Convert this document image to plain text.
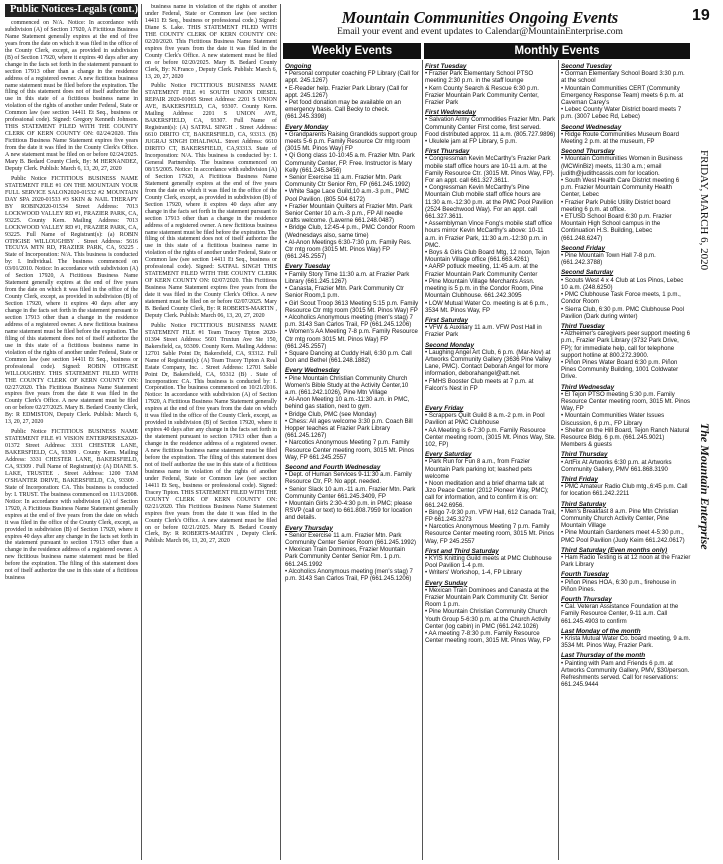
Mountain Communities Ongoing Events
Email your event and event updates to Calendar@MountainEnterprise.com
19
FRIDAY, MARCH 6, 2020 The Mountain Enterprise
Public Notices-Legals (cont.)

commenced on N/A. Notice: In accordance with subdivision (A) of Section 17920, A Fictitious Business Name Statement generally expires at the end of five years from the date on which it was filed in the office of the County Clerk, except, as provided in subdivision (B) of Section 17920, where it expires 40 days after any change in the facts set forth in the statement pursuant to section 17913 other than a change in the residence address of a registered owner. A new fictitious business name statement must be filed before the expiration. The filing of this statement does not of itself authorize the use in this state of a fictitious business name in violation of the rights of another under Federal, State or Common law (see section 14411 Et Seq., business or professional code). Signed: Gregory Kenneth Johnson. THIS STATEMENT FILED WITH THE COUNTY CLERK OF KERN COUNTY ON: 02/24/2020. This Fictitious Business Name Statement expires five years from the date it was filed in the County Clerk's Office. A new statement must be filed on or before 02/24/2025. Mary B. Bedard County Clerk, By: M HERNANDEZ, Deputy Clerk. Publish: March 6, 13, 20, 27, 2020

Public Notice FICTITIOUS BUSINESS NAME STATEMENT FILE #1 ON THE MOUNTAIN YOUR FULL SERVICE SALON2020-01532 #2 MOUNTAIN DAY SPA 2020-01533 #3 SKIN & NAIL THERAPY BY ROBIN2020-01534 Street Address: 7013 LOCKWOOD VALLEY RD #1, FRAZIER PARK, CA, 93225. County Kern. Mailing Address: 7013 LOCKWOOD VALLEY RD #1, FRAZIER PARK, CA, 93225. Full Name of Registrant(s): (a) ROBIN OTHGISE WILLOUGHBY . Street Address: 5616 TECUYA MTN RD, FRAZIER PARK, CA, 93225 . State of Incorporation: N/A. This business is conducted by: I. Individual. The business commenced on 03/01/2010. Notice: In accordance with subdivision (A) of Section 17920, A Fictitious Business Name Statement generally expires at the end of five years from the date on which it was filed in the office of the County Clerk, except, as provided in subdivision (B) of Section 17920, where it expires 40 days after any change in the facts set forth in the statement pursuant to section 17913 other than a change in the residence address of a registered owner. A new fictitious business name statement must be filed before the expiration. The filing of this statement does not of itself authorize the use in this state of a fictitious business name in violation of the rights of another under Federal, State or Common law (see section 14411 Et Seq., business or professional code). Signed: ROBIN OTHGISE WILLOUGHBY. THIS STATEMENT FILED WITH THE COUNTY CLERK OF KERN COUNTY ON: 02/27/2020. This Fictitious Business Name Statement expires five years from the date it was filed in the County Clerk's Office. A new statement must be filed on or before 02/27/2025. Mary B. Bedard County Clerk, By: R EDMISTON, Deputy Clerk. Publish: March 6, 13, 20, 27, 2020

Public Notice FICTITIOUS BUSINESS NAME STATEMENT FILE #1 VISION ENTERPRISES2020-01372 Street Address: 3331 CHESTER LANE, BAKERSFIELD, CA, 93309 . County Kern. Mailing Address: 3331 CHESTER LANE, BAKERSFIELD, CA, 93309 . Full Name of Registrant(s): (A) DIANE S. LAKE, TRUSTEE . Street Address: 1200 TAM O'SHANTER DRIVE, BAKERSFIELD, CA, 93309 . State of Incorporation: CA. This business is conducted by: I. TRUST. The business commenced on 11/13/2008. Notice: In accordance with subdivision (A) of Section 17920, A Fictitious Business Name Statement generally expires at the end of five years from the date on which it was filed in the office of the County Clerk, except, as provided in subdivision (B) of Section 17920, where it expires 40 days after any change in the facts set forth in the statement pursuant to section 17913 other than a change in the residence address of a registered owner. A new fictitious business name statement must be filed before the expiration. The filing of this statement does not of itself authorize the use in this state of a fictitious business

business name in violation of the rights of another under Federal, State or Common law (see section 14411 Et Seq., business or professional code.) Signed: Diane S. Lake. THIS STATEMENT FILED WITH THE COUNTY CLERK OF KERN COUNTY ON: 02/20/2020. This Fictitious Business Name Statement expires five years from the date it was filed in the County Clerk's Office. A new statement must be filed on or before 02/20/2025. Mary B. Bedard County Clerk, By: N.Franco , Deputy Clerk. Publish: March 6, 13, 20, 27, 2020

Public Notice FICTITIOUS BUSINESS NAME STATEMENT FILE #1 SOUTH UNION DIESEL REPAIR 2020-01065 Street Address: 2201 S UNION AVE, BAKERSFIELD, CA, 93307. County Kern. Mailing Address: 2201 S UNION AVE, BAKERSFIELD, CA, 93307. Full Name of Registrant(s): (A) SATPAL SINGH . Street Address: 6610 DIRITO CT, BAKERSFIELD, CA, 93313. (B) JUGRAJ SINGH DHALIWAL. Street Address: 6610 DIRITO CT, BAKERSFIELD, CA,93313. State of Incorporation: N/A. This business is conducted by: I. General Partnership. The business commenced on 08/15/2005. Notice: In accordance with subdivision (A) of Section 17920, A Fictitious Business Name Statement generally expires at the end of five years from the date on which it was filed in the office of the County Clerk, except, as provided in subdivision (B) of Section 17920, where it expires 40 days after any change in the facts set forth in the statement pursuant to section 17913 other than a change in the residence address of a registered owner. A new fictitious business name statement must be filed before the expiration. The filing of this statement does not of itself authorize the use in this state of a fictitious business name in violation of the rights of another under Federal, State or Common law (see section 14411 Et Seq., business or professional code). Signed: SATPAL SINGH THIS STATEMENT FILED WITH THE COUNTY CLERK OF KERN COUNTY ON: 02/07/2020. This Fictitious Business Name Statement expires five years from the date it was filed in the County Clerk's Office. A new statement must be filed on or before 02/07/2025. Mary B. Bedard County Clerk, By: R ROBERTS-MARTIN , Deputy Clerk. Publish: March 06, 13, 20, 27, 2020

Public Notice FICTITIOUS BUSINESS NAME STATEMENT FILE #1 Team Tracey Tipton 2020-01394 Street Address: 5601 Truxtun Ave Ste 150, Bakersfield, ca, 93309. County Kern. Mailing Address: 12701 Sable Point Dr, Bakersfield, CA, 93312. Full Name of Registrant(s): (A) Team Tracey Tipton A Real Estate Company, Inc. . Street Address: 12701 Sable Point Dr, Bakersfield, CA, 93312 (B) . State of Incorporation: CA. This business is conducted by: I. Corporation. The business commenced on 10/21/2016. Notice: In accordance with subdivision (A) of Section 17920, A Fictitious Business Name Statement generally expires at the end of five years from the date on which it was filed in the office of the County Clerk, except, as provided in subdivision (B) of Section 17920, where it expires 40 days after any change in the facts set forth in the statement pursuant to section 17913 other than a change in the residence address of a registered owner. A new fictitious business name statement must be filed before the expiration. The filing of this statement does not of itself authorize the use in this state of a fictitious business name in violation of the rights of another under Federal, State or Common law (see section 14411 Et Seq., business or professional code). Signed: Tracey Tipton. THIS STATEMENT FILED WITH THE COUNTY CLERK OF KERN COUNTY ON: 02/21/2020. This Fictitious Business Name Statement expires five years from the date it was filed in the County Clerk's Office. A new statement must be filed on or before 02/21/2025. Mary B. Bedard County Clerk, By: R ROBERTS-MARTIN , Deputy Clerk. Publish: March 06, 13, 20, 27, 2020

Weekly Events	Monthly Events

Ongoing

• Personal computer coaching FP Library (Call for appt. 245.1267)

• E-Reader help. Frazier Park Library (Call for appt. 245.1267)

• Pet food donation may be available on an emergency basis. Call Becky to check. (661.245.3398)

Every Monday

• Grandparents Raising Grandkids support group meets 5-6 p.m. Family Resource Ctr mtg room (3015 Mt. Pinos Way) FP

• Qi Gong class 10-10:45 a.m. Frazier Mtn. Park Community Center, FP. Free. Instructor is Mary Kelly (661.245.3456)

• Senior Exercise 11 a.m. Frazier Mtn. Park Community Ctr Senior Rm, FP (661.245.1992)

• White Sage Lace Guild,10 a.m.-3 p.m., PMC Pool Pavilion. (805 504 6172)

• Frazier Mountain Quilters at Frazier Mtn. Park Senior Center 10 a.m.-3 p.m., FP All needle crafts welcome. (Laverne 661.248.0487)

• Bridge Club, 12:45-4 p.m., PMC Condor Room (Wednesdays also, same time)

• Al-Anon Meetings 6:30-7:30 p.m. Family Res. Ctr mtg room (3015 Mt. Pinos Way) FP (661.245.2557)

Every Tuesday

• Family Story Time 11:30 a.m. at Frazier Park Library (661.245.1267)

• Canasta, Frazier Mtn. Park Community Ctr Senior Room,1 p.m.

• Girl Scout Troop 3613 Meeting 5:15 p.m. Family Resource Ctr mtg room (3015 Mt. Pinos Way) FP

• Alcoholics Anonymous meeting (men's stag) 7 p.m. 3143 San Carlos Trail, FP (661.245.1206)

• Women's AA Meeting 7-8 p.m. Family Resource Ctr mtg room 3015 Mt. Pinos Way) FP (661.245.2557)

• Square Dancing at Cuddy Hall, 6:30 p.m. Call Don and Bethel (661.248.1882)

Every Wednesday

• Pine Mountain Christian Community Church Women's Bible Study at the Activity Center,10 a.m. (661.242.1026), Pine Mtn Village

• Al-Anon Meeting 10 a.m.-11:30 a.m. in PMC, behind gas station, next to gym.

• Bridge Club, PMC (see Monday)

• Chess: All ages welcome 3:30 p.m. Coach Bill Hopper teaches at Frazier Park Library (661.245.1267)

• Narcotics Anonymous Meeting 7 p.m. Family Resource Center meeting room, 3015 Mt. Pinos Way, FP 661.245.2557

Second and Fourth Wednesday

• Dept. of Human Services 9-11:30 a.m. Family Resource Ctr, FP. No appt. needed.

• Senior Slack 10 a.m.-11 a.m. Frazier Mtn. Park Community Center 661.245.3409, FP

• Mountain Girls 2:30-4:30 p.m. in PMC; please RSVP (call or text) to 661.808.7959 for location and details.

Every Thursday

• Senior Exercise 11 a.m. Frazier Mtn. Park Community Center Senior Room (661.245.1992)

• Mexican Train Dominoes, Frazier Mountain Park Community Center Senior Rm. 1 p.m. 661.245.1992

• Alcoholics Anonymous meeting (men's stag) 7 p.m. 3143 San Carlos Trail, FP (661.245.1206)

First Tuesday

• Frazier Park Elementary School PTSO meeting 2:30 p.m. in the staff lounge

• Kern County Search & Rescue 6:30 p.m. Frazier Mountain Park Community Center, Frazier Park

First Wednesday

• Salvation Army Commodities Frazier Mtn. Park Community Center First come, first served. Food distributed approx. 11 a.m. (805.727.9896)

• Ukulele jam at FP Library, 5 p.m.

First Thursday

• Congressman Kevin McCarthy's Frazier Park mobile staff office hours are 10-11 a.m. at the Family Resource Ctr. (3015 Mt. Pinos Way, FP). For an appt. call 661.327.3611.

• Congressman Kevin McCarthy's Pine Mountain Club mobile staff office hours are 11:30 a.m.-12:30 p.m. at the PMC Pool Pavilion (2524 Beechwood Way). For an appt. call 661.327.3611.

• Assemblyman Vince Fong's mobile staff office hours mirror Kevin McCarthy's above: 10-11 a.m. in Frazier Park, 11:30 a.m.-12:30 p.m. in PMC.

• Boys & Girls Club Board Mtg, 12 noon, Tejon Mountain Village office (661.663.4261)

• AARP potluck meeting, 11:45 a.m. at the Frazier Mountain Park Community Center

• Pine Mountain Village Merchants Assn. meeting is 5 p.m. in the Condor Room, Pine Mountain Clubhouse. 661.242.3095

• LOW Mutual Water Co. meeting is at 6 p.m., 3534 Mt. Pinos Way, FP

First Saturday

• VFW & Auxiliary 11 a.m. VFW Post Hall in Frazier Park

Second Monday

• Laughing Angel Art Club, 6 p.m. (Mar-Nov) at Artworks Community Gallery (3636 Pine Valley Lane, PMC). Contact Deborah Angel for more information, deborahangel@att.net.

• FMHS Booster Club meets at 7 p.m. at Falcon's Nest in FP

Every Friday

• Scrappers Quilt Guild 8 a.m.-2 p.m. in Pool Pavilion at PMC Clubhouse

• AA Meeting is 6-7:30 p.m. Family Resource Center meeting room, (3015 Mt. Pinos Way, Ste. 102, FP)

Every Saturday

• Park Run for Fun 8 a.m., from Frazier Mountain Park parking lot; leashed pets welcome

• Noon meditation and a brief dharma talk at Jizo Peace Center (2012 Pioneer Way, PMC); call for information, and to confirm it is on: 661.242.6956.

• Bingo 7-9:30 p.m. VFW Hall, 612 Canada Trail, FP 661.245.3273

• Narcotics Anonymous Meeting 7 p.m. Family Resource Center meeting room, 3015 Mt. Pinos Way, FP 245.2557

First and Third Saturday

• KYIS Knitting Guild meets at PMC Clubhouse Pool Pavilion 1-4 p.m.

• Writers' Workshop, 1-4, FP Library

Every Sunday

• Mexican Train Dominoes and Canasta at the Frazier Mountain Park Community Ctr. Senior Room 1 p.m.

• Pine Mountain Christian Community Church Youth Group 5-6:30 p.m. at the Church Activity Center (log cabin) in PMC (661.242.1026)

• AA meeting 7-8:30 p.m. Family Resource Center meeting room, 3015 Mt. Pinos Way, FP

Second Tuesday

• Gorman Elementary School Board 3:30 p.m. at the school

• Mountain Communities CERT (Community Emergency Response Team) meets 6 p.m. at Caveman Carey's

• Lebec County Water District board meets 7 p.m. (3007 Lebec Rd, Lebec)

Second Wednesday

• Ridge Route Communities Museum Board Meeting 2 p.m. at the museum, FP

Second Thursday

• Mountain Communities Women in Business (MCWinBiz) meets, 11:30 a.m.; email judith@judithcassis.com for location.

• South West Health Care District meeting 6 p.m. Frazier Mountain Community Health Center, Lebec

• Frazier Park Public Utility District board meeting 6 p.m. at office.

• ETUSD School Board 6:30 p.m. Frazier Mountain High School campus in the Continuation H.S. Building, Lebec (661.248.6247)

Second Friday

• Pine Mountain Town Hall 7-8 p.m. (661.242.3788)

Second Saturday

• Scouts West 4 x 4 Club at Los Pinos, Lebec 10 a.m. (248.6250)

• PMC Clubhouse Task Force meets, 1 p.m., Condor Room

• Sierra Club, 6:30 p.m. PMC Clubhouse Pool Pavilion (Dark during winter)

Third Tuesday

• Alzheimer's caregivers peer support meeting 6 p.m., Frazier Park Library (3732 Park Drive, FP); for immediate help, call for telephone support hotline at 800.272.3900.

• Piñon Pines Water Board 6:30 p.m. Piñon Pines Community Building, 1001 Coldwater Drive.

Third Wednesday

• El Tejon PTSO meeting 5:30 p.m. Family Resource Center meeting room, 3015 Mt. Pinos Way, FP

• Mountain Communities Water Issues Discussion, 6 p.m., FP Library

• Shelter on the Hill Board, Tejon Ranch Natural Resource Bldg. 6 p.m. (661.245.9021) Members & guests

Third Thursday

• ArtFix At Artworks 6:30 p.m. at Artworks Community Gallery, PMV 661.868.3190

Third Friday

• PMC Amateur Radio Club mtg.,6:45 p.m. Call for location 661.242.2211

Third Saturday

• Men's Breakfast 8 a.m. Pine Mtn Christian Community Church Activity Center, Pine Mountain Village

• Pine Mountain Gardeners meet 4-5:30 p.m., PMC Pool Pavilion (Judy Keim 661.242.0617)

Third Saturday (Even months only)

• Ham Radio Testing is at 12 noon at the Frazier Park Library

Fourth Tuesday

• Piñon Pines HOA, 6:30 p.m., firehouse in Piñon Pines.

Fourth Thursday

• Cal. Veteran Assistance Foundation at the Family Resource Center, 9-11 a.m. Call 661.245.4903 to confirm

Last Monday of the month

• Krista Mutual Water Co. board meeting, 9 a.m. 3534 Mt. Pinos Way, Frazier Park.

Last Thursday of the month

• Painting with Pam and Friends 6 p.m. at Artworks Community Gallery, PMV, $30/person. Refreshments served. Call for reservations: 661.245.9444
